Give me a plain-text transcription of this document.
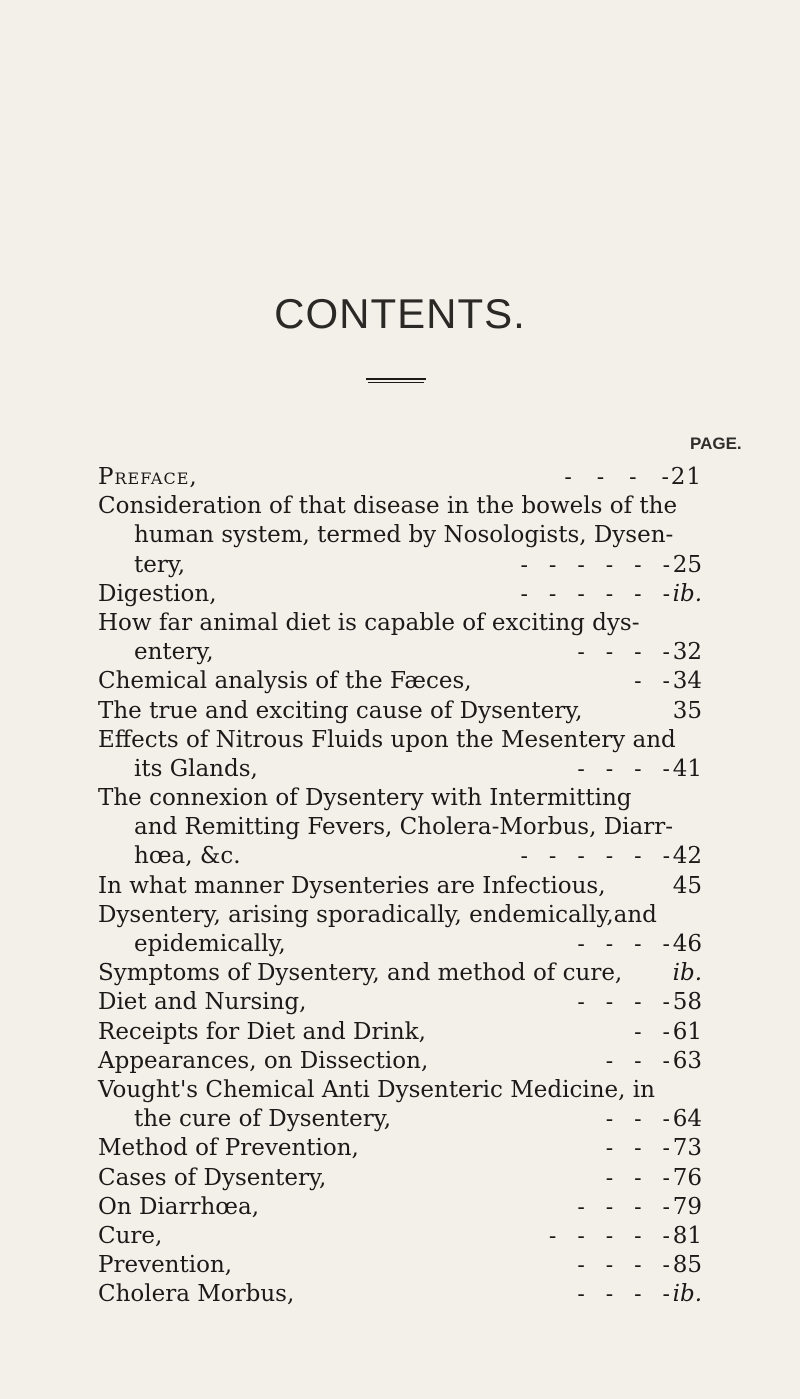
CONTENTS.
PAGE.
Preface,	-   -   -   - 21
Consideration of that disease in the bowels of the
human system, termed by Nosologists, Dysen-
tery,	-   -   -   -   -   - 25
Digestion,	-   -   -   -   -   - ib.
How far animal diet is capable of exciting dys-
entery,	-   -   -   - 32
Chemical analysis of the Fæces,	-   - 34
The true and exciting cause of Dysentery,	35
Effects of Nitrous Fluids upon the Mesentery and
its Glands,	-   -   -   - 41
The connexion of Dysentery with Intermitting
and Remitting Fevers, Cholera-Morbus, Diarr-
hœa, &c.	-   -   -   -   -   - 42
In what manner Dysenteries are Infectious,	45
Dysentery, arising sporadically, endemically,and
epidemically,	-   -   -   - 46
Symptoms of Dysentery, and method of cure,	ib.
Diet and Nursing,	-   -   -   - 58
Receipts for Diet and Drink,	-   - 61
Appearances, on Dissection,	-   -   - 63
Vought's Chemical Anti Dysenteric Medicine, in
the cure of Dysentery,	-   -   - 64
Method of Prevention,	-   -   - 73
Cases of Dysentery,	-   -   - 76
On Diarrhœa,	-   -   -   - 79
Cure,	-   -   -   -   - 81
Prevention,	-   -   -   - 85
Cholera Morbus,	-   -   -   - ib.
